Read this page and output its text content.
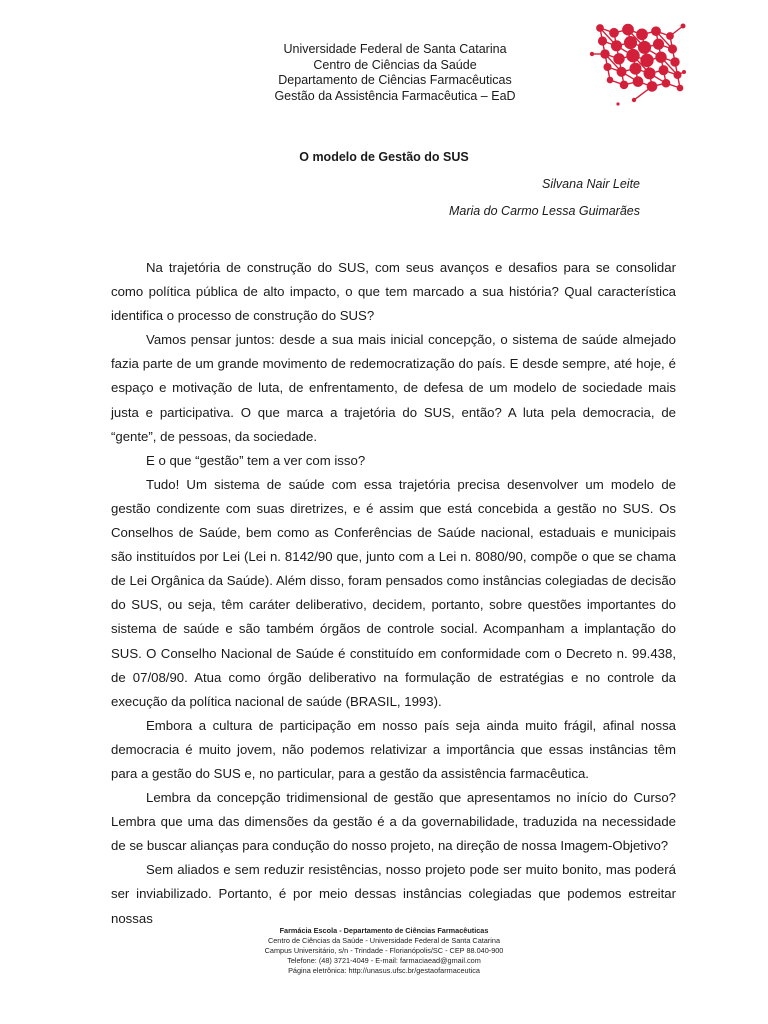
Universidade Federal de Santa Catarina
Centro de Ciências da Saúde
Departamento de Ciências Farmacêuticas
Gestão da Assistência Farmacêutica – EaD
O modelo de Gestão do SUS
Silvana Nair Leite
Maria do Carmo Lessa Guimarães

Na trajetória de construção do SUS, com seus avanços e desafios para se consolidar como política pública de alto impacto, o que tem marcado a sua história? Qual característica identifica o processo de construção do SUS?

Vamos pensar juntos: desde a sua mais inicial concepção, o sistema de saúde almejado fazia parte de um grande movimento de redemocratização do país. E desde sempre, até hoje, é espaço e motivação de luta, de enfrentamento, de defesa de um modelo de sociedade mais justa e participativa. O que marca a trajetória do SUS, então? A luta pela democracia, de “gente”, de pessoas, da sociedade.

E o que “gestão” tem a ver com isso?

Tudo! Um sistema de saúde com essa trajetória precisa desenvolver um modelo de gestão condizente com suas diretrizes, e é assim que está concebida a gestão no SUS. Os Conselhos de Saúde, bem como as Conferências de Saúde nacional, estaduais e municipais são instituídos por Lei (Lei n. 8142/90 que, junto com a Lei n. 8080/90, compõe o que se chama de Lei Orgânica da Saúde). Além disso, foram pensados como instâncias colegiadas de decisão do SUS, ou seja, têm caráter deliberativo, decidem, portanto, sobre questões importantes do sistema de saúde e são também órgãos de controle social. Acompanham a implantação do SUS. O Conselho Nacional de Saúde é constituído em conformidade com o Decreto n. 99.438, de 07/08/90. Atua como órgão deliberativo na formulação de estratégias e no controle da execução da política nacional de saúde (BRASIL, 1993).

Embora a cultura de participação em nosso país seja ainda muito frágil, afinal nossa democracia é muito jovem, não podemos relativizar a importância que essas instâncias têm para a gestão do SUS e, no particular, para a gestão da assistência farmacêutica.

Lembra da concepção tridimensional de gestão que apresentamos no início do Curso? Lembra que uma das dimensões da gestão é a da governabilidade, traduzida na necessidade de se buscar alianças para condução do nosso projeto, na direção de nossa Imagem-Objetivo?

Sem aliados e sem reduzir resistências, nosso projeto pode ser muito bonito, mas poderá ser inviabilizado. Portanto, é por meio dessas instâncias colegiadas que podemos estreitar nossas

Farmácia Escola - Departamento de Ciências Farmacêuticas
Centro de Ciências da Saúde - Universidade Federal de Santa Catarina
Campus Universitário, s/n - Trindade - Florianópolis/SC - CEP 88.040-900
Telefone: (48) 3721-4049 - E-mail: farmaciaead@gmail.com
Página eletrônica: http://unasus.ufsc.br/gestaofarmaceutica
